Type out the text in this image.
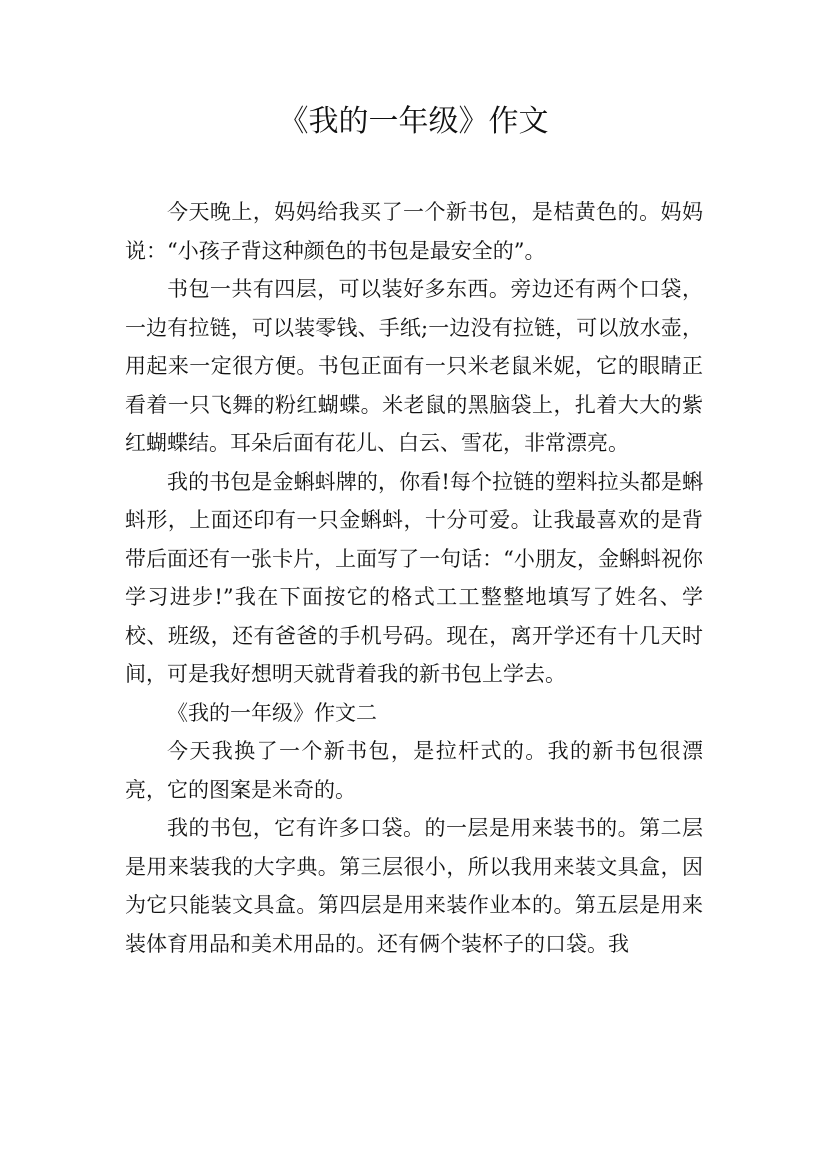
《我的一年级》作文

今天晚上，妈妈给我买了一个新书包，是桔黄色的。妈妈说：“小孩子背这种颜色的书包是最安全的”。

书包一共有四层，可以装好多东西。旁边还有两个口袋，一边有拉链，可以装零钱、手纸;一边没有拉链，可以放水壶，用起来一定很方便。书包正面有一只米老鼠米妮，它的眼睛正看着一只飞舞的粉红蝴蝶。米老鼠的黑脑袋上，扎着大大的紫红蝴蝶结。耳朵后面有花儿、白云、雪花，非常漂亮。

我的书包是金蝌蚪牌的，你看!每个拉链的塑料拉头都是蝌蚪形，上面还印有一只金蝌蚪，十分可爱。让我最喜欢的是背带后面还有一张卡片，上面写了一句话：“小朋友，金蝌蚪祝你学习进步!”我在下面按它的格式工工整整地填写了姓名、学校、班级，还有爸爸的手机号码。现在，离开学还有十几天时间，可是我好想明天就背着我的新书包上学去。

《我的一年级》作文二

今天我换了一个新书包，是拉杆式的。我的新书包很漂亮，它的图案是米奇的。

我的书包，它有许多口袋。的一层是用来装书的。第二层是用来装我的大字典。第三层很小，所以我用来装文具盒，因为它只能装文具盒。第四层是用来装作业本的。第五层是用来装体育用品和美术用品的。还有俩个装杯子的口袋。我
